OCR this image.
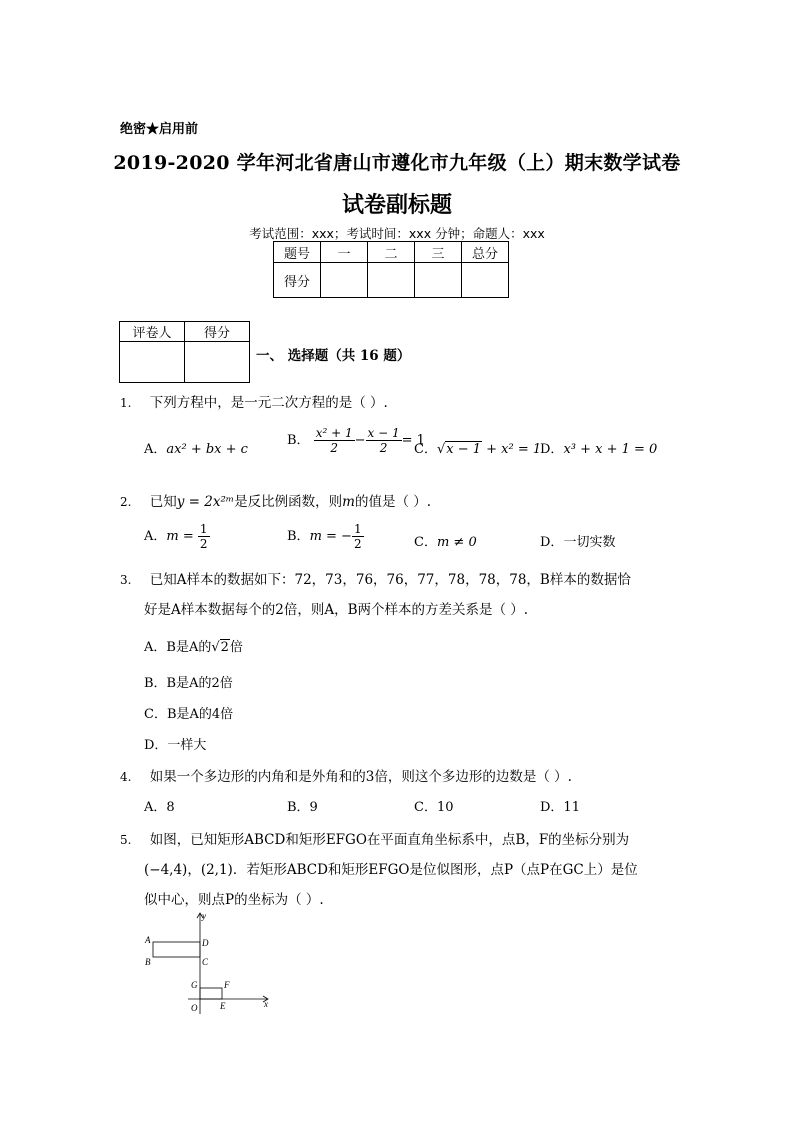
绝密★启用前
2019-2020 学年河北省唐山市遵化市九年级（上）期末数学试卷
试卷副标题
考试范围：xxx；考试时间：xxx 分钟；命题人：xxx
题号	一	二	三	总分
得分				
评卷人	得分

一、 选择题（共 16 题）
1. 下列方程中，是一元二次方程的是（ ）.
A．ax² + bx + c
B． $\frac{\text{x² + 1}}{2} - \frac{x - 1}{2} = 1$
C．√x − 1 + x² = 1
D．x³ + x + 1 = 0
2. 已知y = 2x²ᵐ是反比例函数，则m的值是（ ）.
A．$m = \frac{1}{2}$	B．m = − $\frac{1}{2}$	C．m ≠ 0	D．一切实数
3. 已知A样本的数据如下：72，73，76，76，77，78，78，78，B样本的数据恰
好是A样本数据每个的2倍，则A，B两个样本的方差关系是（ ）.
A．B是A的√2倍
B．B是A的2倍
C．B是A的4倍
D．一样大
4. 如果一个多边形的内角和是外角和的3倍，则这个多边形的边数是（ ）.
A．8	B．9	C．10	D．11
5. 如图，已知矩形ABCD和矩形EFGO在平面直角坐标系中，点B，F的坐标分别为
(−4,4)，(2,1)．若矩形ABCD和矩形EFGO是位似图形，点P（点P在GC上）是位
似中心，则点P的坐标为（ ）.
y
x
A
B	C
D
G	F
O	E
